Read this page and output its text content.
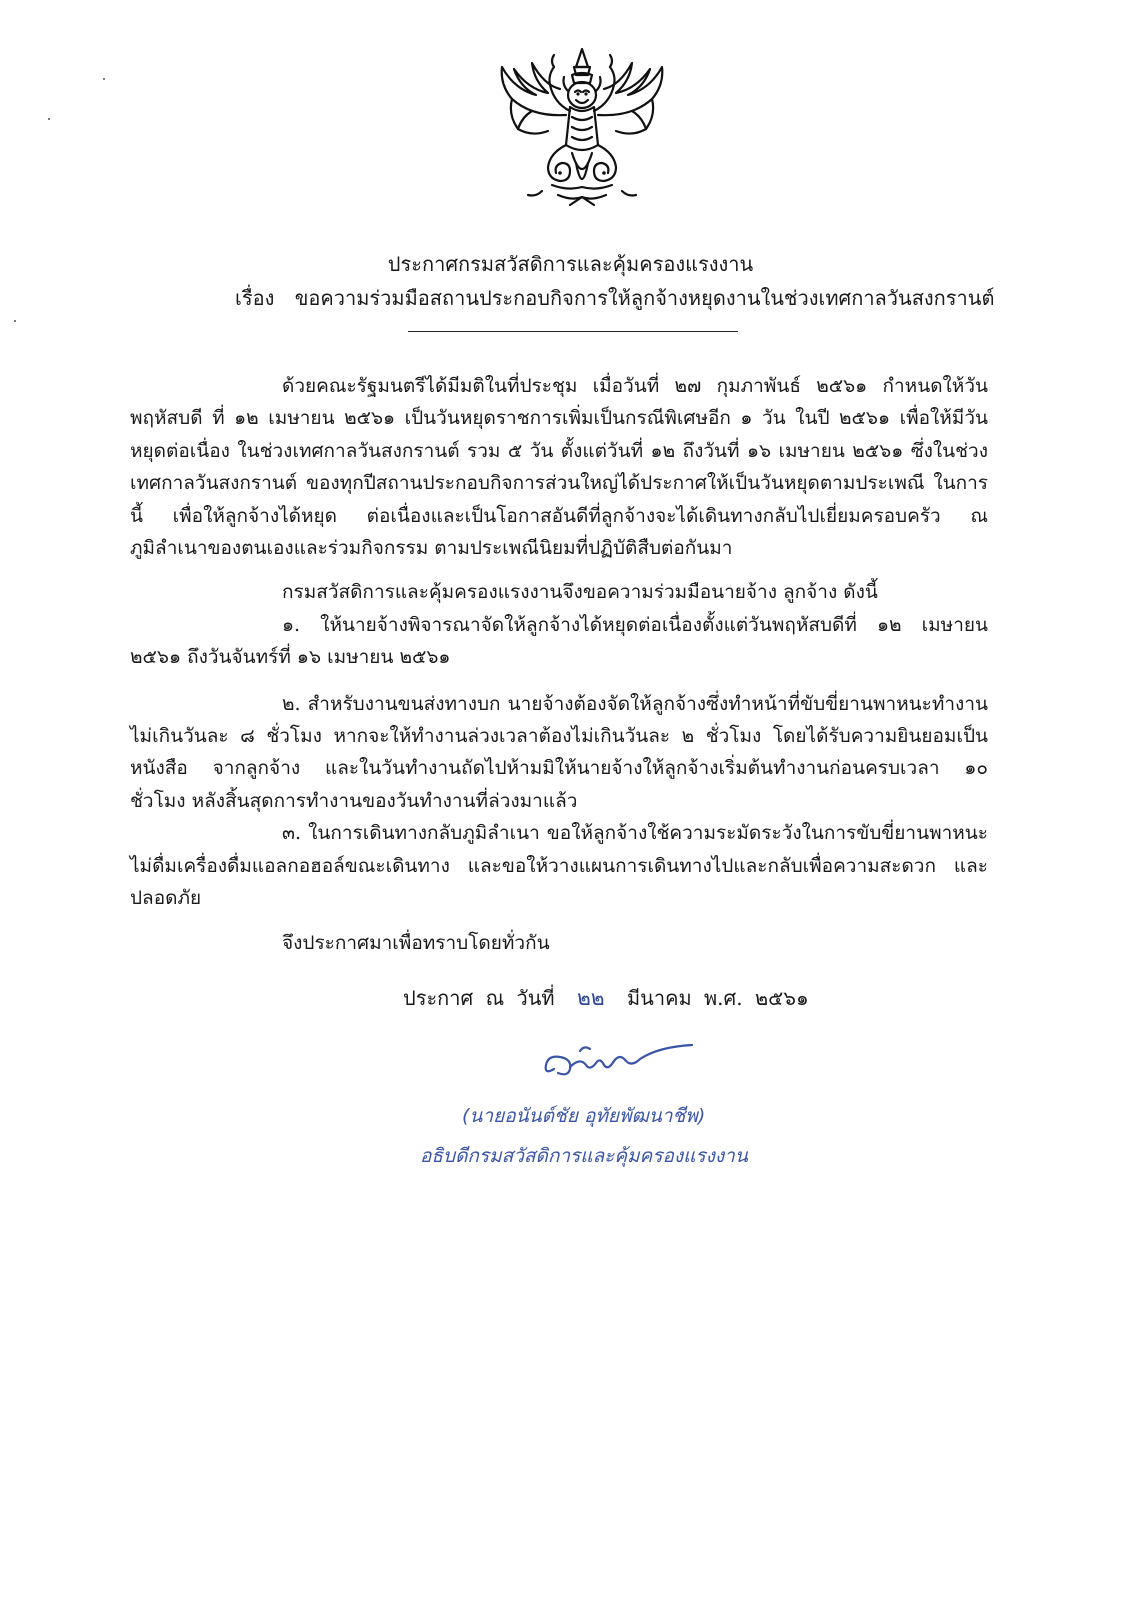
ประกาศกรมสวัสดิการและคุ้มครองแรงงาน
เรื่อง ขอความร่วมมือสถานประกอบกิจการให้ลูกจ้างหยุดงานในช่วงเทศกาลวันสงกรานต์

ด้วยคณะรัฐมนตรีได้มีมติในที่ประชุม เมื่อวันที่ ๒๗ กุมภาพันธ์ ๒๕๖๑ กำหนดให้วันพฤหัสบดี ที่ ๑๒ เมษายน ๒๕๖๑ เป็นวันหยุดราชการเพิ่มเป็นกรณีพิเศษอีก ๑ วัน ในปี ๒๕๖๑ เพื่อให้มีวันหยุดต่อเนื่อง ในช่วงเทศกาลวันสงกรานต์ รวม ๕ วัน ตั้งแต่วันที่ ๑๒ ถึงวันที่ ๑๖ เมษายน ๒๕๖๑ ซึ่งในช่วงเทศกาลวันสงกรานต์ ของทุกปีสถานประกอบกิจการส่วนใหญ่ได้ประกาศให้เป็นวันหยุดตามประเพณี ในการนี้ เพื่อให้ลูกจ้างได้หยุด ต่อเนื่องและเป็นโอกาสอันดีที่ลูกจ้างจะได้เดินทางกลับไปเยี่ยมครอบครัว ณ ภูมิลำเนาของตนเองและร่วมกิจกรรม ตามประเพณีนิยมที่ปฏิบัติสืบต่อกันมา

กรมสวัสดิการและคุ้มครองแรงงานจึงขอความร่วมมือนายจ้าง ลูกจ้าง ดังนี้

๑. ให้นายจ้างพิจารณาจัดให้ลูกจ้างได้หยุดต่อเนื่องตั้งแต่วันพฤหัสบดีที่ ๑๒ เมษายน ๒๕๖๑ ถึงวันจันทร์ที่ ๑๖ เมษายน ๒๕๖๑

๒. สำหรับงานขนส่งทางบก นายจ้างต้องจัดให้ลูกจ้างซึ่งทำหน้าที่ขับขี่ยานพาหนะทำงาน ไม่เกินวันละ ๘ ชั่วโมง หากจะให้ทำงานล่วงเวลาต้องไม่เกินวันละ ๒ ชั่วโมง โดยได้รับความยินยอมเป็นหนังสือ จากลูกจ้าง และในวันทำงานถัดไปห้ามมิให้นายจ้างให้ลูกจ้างเริ่มต้นทำงานก่อนครบเวลา ๑๐ ชั่วโมง หลังสิ้นสุดการทำงานของวันทำงานที่ล่วงมาแล้ว

๓. ในการเดินทางกลับภูมิลำเนา ขอให้ลูกจ้างใช้ความระมัดระวังในการขับขี่ยานพาหนะ ไม่ดื่มเครื่องดื่มแอลกอฮอล์ขณะเดินทาง และขอให้วางแผนการเดินทางไปและกลับเพื่อความสะดวก และปลอดภัย

จึงประกาศมาเพื่อทราบโดยทั่วกัน

ประกาศ ณ วันที่ ๒๒ มีนาคม พ.ศ. ๒๕๖๑
(นายอนันต์ชัย อุทัยพัฒนาชีพ)
อธิบดีกรมสวัสดิการและคุ้มครองแรงงาน
